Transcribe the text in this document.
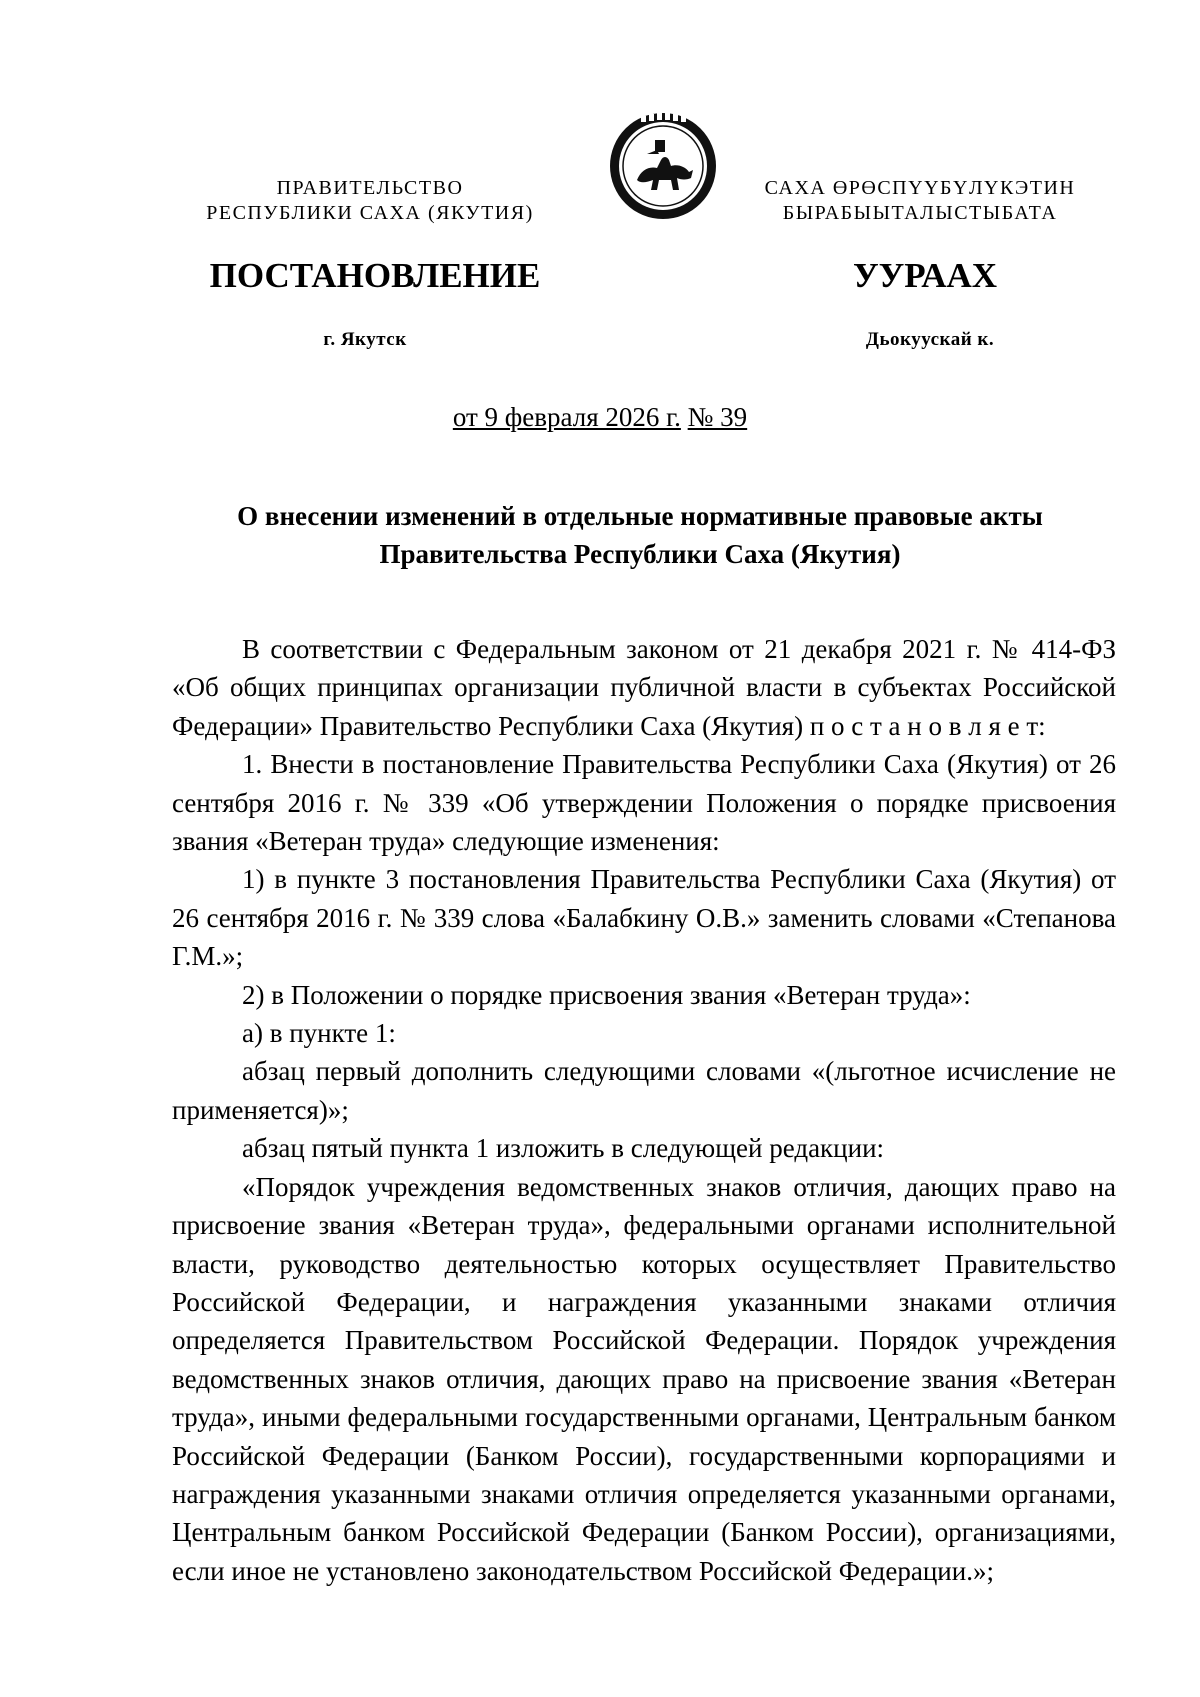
ПРАВИТЕЛЬСТВО
РЕСПУБЛИКИ САХА (ЯКУТИЯ)
САХА ӨРӨСПҮҮБҮЛҮКЭТИН
БЫРАБЫЫТАЛЫСТЫБАТА
ПОСТАНОВЛЕНИЕ	УУРААХ
г. Якутск	Дьокуускай к.
от 9 февраля 2026 г. № 39
О внесении изменений в отдельные нормативные правовые акты
Правительства Республики Саха (Якутия)

В соответствии с Федеральным законом от 21 декабря 2021 г. № 414-ФЗ «Об общих принципах организации публичной власти в субъектах Российской Федерации» Правительство Республики Саха (Якутия) п о с т а н о в л я е т:

1. Внести в постановление Правительства Республики Саха (Якутия) от 26 сентября 2016 г. № 339 «Об утверждении Положения о порядке присвоения звания «Ветеран труда» следующие изменения:

1) в пункте 3 постановления Правительства Республики Саха (Якутия) от 26 сентября 2016 г. № 339 слова «Балабкину О.В.» заменить словами «Степанова Г.М.»;

2) в Положении о порядке присвоения звания «Ветеран труда»:

а) в пункте 1:

абзац первый дополнить следующими словами «(льготное исчисление не применяется)»;

абзац пятый пункта 1 изложить в следующей редакции:

«Порядок учреждения ведомственных знаков отличия, дающих право на присвоение звания «Ветеран труда», федеральными органами исполнительной власти, руководство деятельностью которых осуществляет Правительство Российской Федерации, и награждения указанными знаками отличия определяется Правительством Российской Федерации. Порядок учреждения ведомственных знаков отличия, дающих право на присвоение звания «Ветеран труда», иными федеральными государственными органами, Центральным банком Российской Федерации (Банком России), государственными корпорациями и награждения указанными знаками отличия определяется указанными органами, Центральным банком Российской Федерации (Банком России), организациями, если иное не установлено законодательством Российской Федерации.»;
